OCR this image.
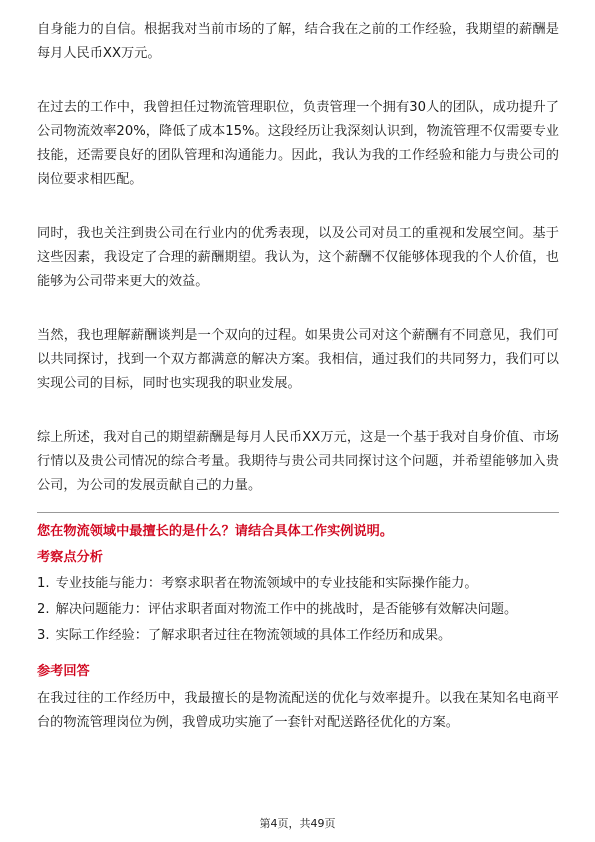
自身能力的自信。根据我对当前市场的了解，结合我在之前的工作经验，我期望的薪酬是每月人民币XX万元。

在过去的工作中，我曾担任过物流管理职位，负责管理一个拥有30人的团队，成功提升了公司物流效率20%，降低了成本15%。这段经历让我深刻认识到，物流管理不仅需要专业技能，还需要良好的团队管理和沟通能力。因此，我认为我的工作经验和能力与贵公司的岗位要求相匹配。

同时，我也关注到贵公司在行业内的优秀表现，以及公司对员工的重视和发展空间。基于这些因素，我设定了合理的薪酬期望。我认为，这个薪酬不仅能够体现我的个人价值，也能够为公司带来更大的效益。

当然，我也理解薪酬谈判是一个双向的过程。如果贵公司对这个薪酬有不同意见，我们可以共同探讨，找到一个双方都满意的解决方案。我相信，通过我们的共同努力，我们可以实现公司的目标，同时也实现我的职业发展。

综上所述，我对自己的期望薪酬是每月人民币XX万元，这是一个基于我对自身价值、市场行情以及贵公司情况的综合考量。我期待与贵公司共同探讨这个问题，并希望能够加入贵公司，为公司的发展贡献自己的力量。

您在物流领域中最擅长的是什么？请结合具体工作实例说明。
考察点分析
1. 专业技能与能力：考察求职者在物流领域中的专业技能和实际操作能力。
2. 解决问题能力：评估求职者面对物流工作中的挑战时，是否能够有效解决问题。
3. 实际工作经验：了解求职者过往在物流领域的具体工作经历和成果。
参考回答

在我过往的工作经历中，我最擅长的是物流配送的优化与效率提升。以我在某知名电商平台的物流管理岗位为例，我曾成功实施了一套针对配送路径优化的方案。

第4页，共49页
